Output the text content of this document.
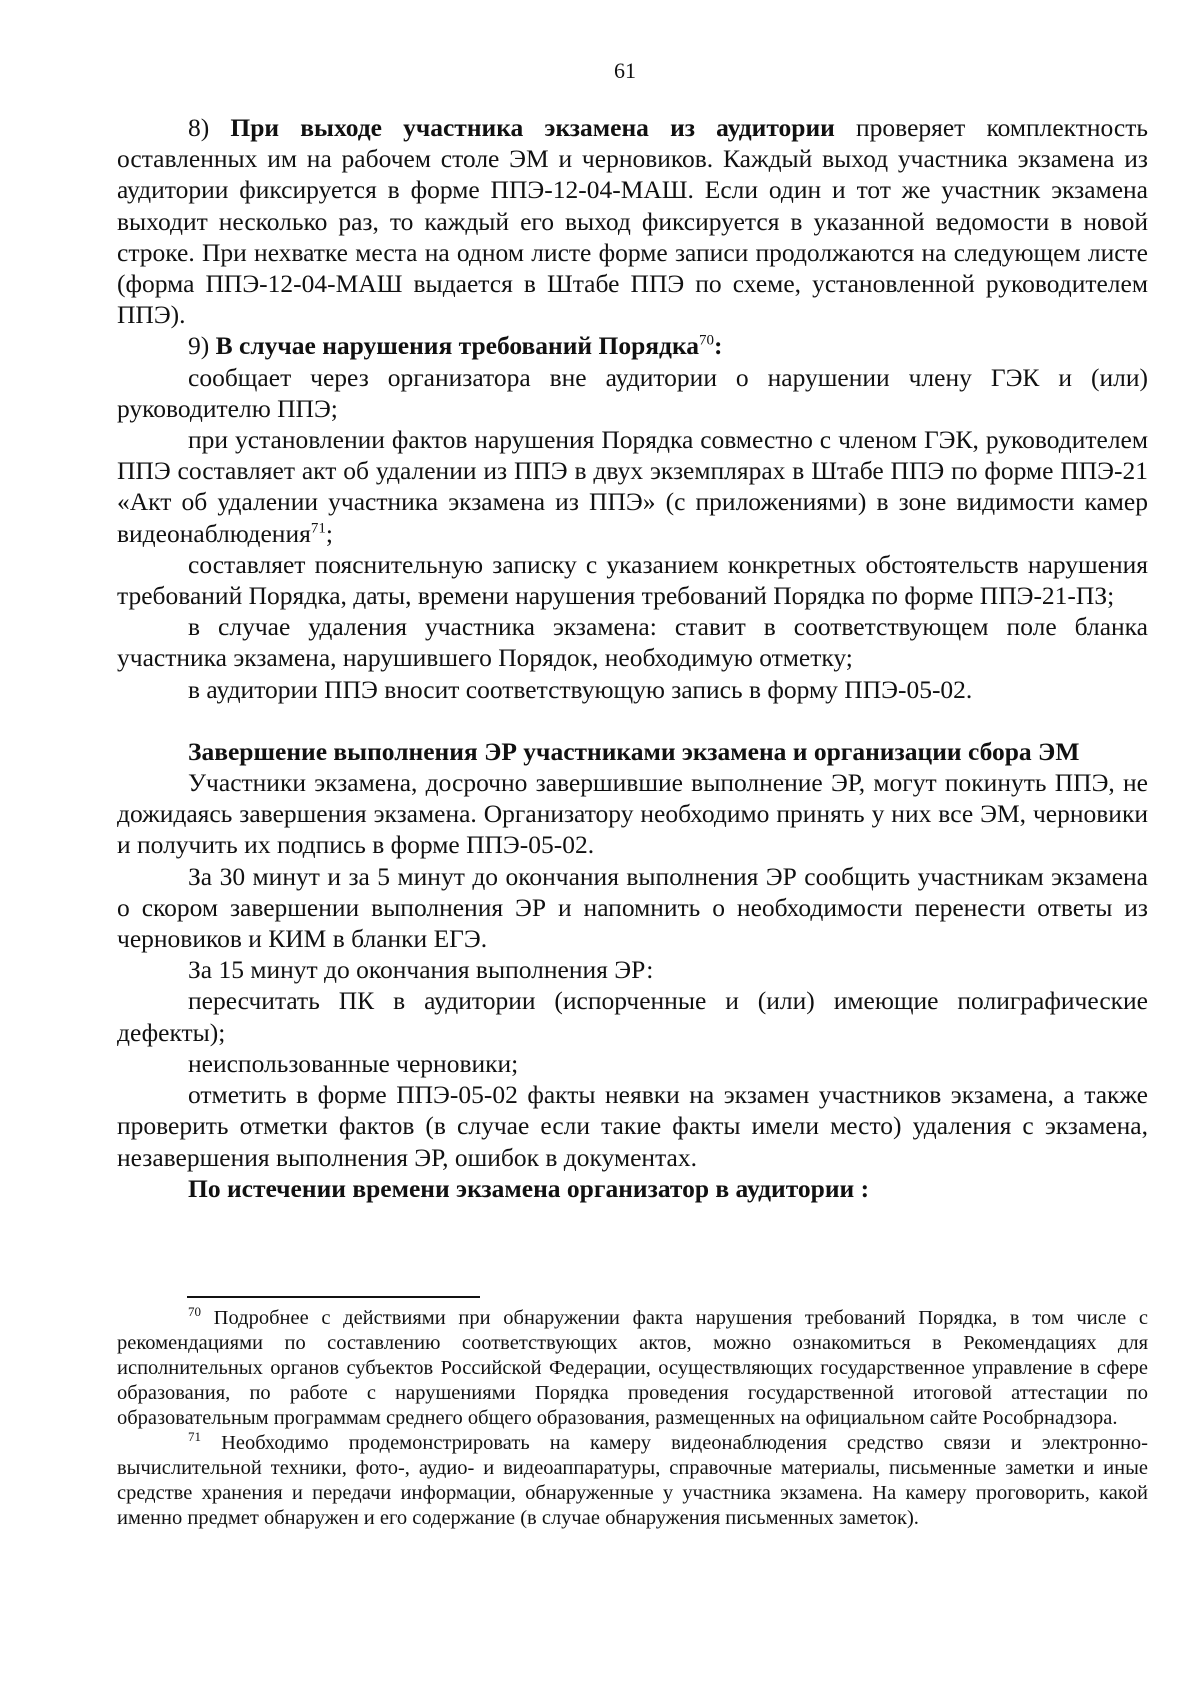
61

8) При выходе участника экзамена из аудитории проверяет комплектность оставленных им на рабочем столе ЭМ и черновиков. Каждый выход участника экзамена из аудитории фиксируется в форме ППЭ-12-04-МАШ. Если один и тот же участник экзамена выходит несколько раз, то каждый его выход фиксируется в указанной ведомости в новой строке. При нехватке места на одном листе форме записи продолжаются на следующем листе (форма ППЭ-12-04-МАШ выдается в Штабе ППЭ по схеме, установленной руководителем ППЭ).

9) В случае нарушения требований Порядка$^{70}$:

сообщает через организатора вне аудитории о нарушении члену ГЭК и (или) руководителю ППЭ;

при установлении фактов нарушения Порядка совместно с членом ГЭК, руководителем ППЭ составляет акт об удалении из ППЭ в двух экземплярах в Штабе ППЭ по форме ППЭ-21 «Акт об удалении участника экзамена из ППЭ» (с приложениями) в зоне видимости камер видеонаблюдения$^{71}$;

составляет пояснительную записку с указанием конкретных обстоятельств нарушения требований Порядка, даты, времени нарушения требований Порядка по форме ППЭ-21-ПЗ;

в случае удаления участника экзамена: ставит в соответствующем поле бланка участника экзамена, нарушившего Порядок, необходимую отметку;

в аудитории ППЭ вносит соответствующую запись в форму ППЭ-05-02.

Завершение выполнения ЭР участниками экзамена и организации сбора ЭМ

Участники экзамена, досрочно завершившие выполнение ЭР, могут покинуть ППЭ, не дожидаясь завершения экзамена. Организатору необходимо принять у них все ЭМ, черновики и получить их подпись в форме ППЭ-05-02.

За 30 минут и за 5 минут до окончания выполнения ЭР сообщить участникам экзамена о скором завершении выполнения ЭР и напомнить о необходимости перенести ответы из черновиков и КИМ в бланки ЕГЭ.

За 15 минут до окончания выполнения ЭР:

пересчитать ПК в аудитории (испорченные и (или) имеющие полиграфические дефекты);

неиспользованные черновики;

отметить в форме ППЭ-05-02 факты неявки на экзамен участников экзамена, а также проверить отметки фактов (в случае если такие факты имели место) удаления с экзамена, незавершения выполнения ЭР, ошибок в документах.

По истечении времени экзамена организатор в аудитории :

$^{70}$ Подробнее с действиями при обнаружении факта нарушения требований Порядка, в том числе с рекомендациями по составлению соответствующих актов, можно ознакомиться в Рекомендациях для исполнительных органов субъектов Российской Федерации, осуществляющих государственное управление в сфере образования, по работе с нарушениями Порядка проведения государственной итоговой аттестации по образовательным программам среднего общего образования, размещенных на официальном сайте Рособрнадзора.

$^{71}$ Необходимо продемонстрировать на камеру видеонаблюдения средство связи и электронно-вычислительной техники, фото-, аудио- и видеоаппаратуры, справочные материалы, письменные заметки и иные средстве хранения и передачи информации, обнаруженные у участника экзамена. На камеру проговорить, какой именно предмет обнаружен и его содержание (в случае обнаружения письменных заметок).
